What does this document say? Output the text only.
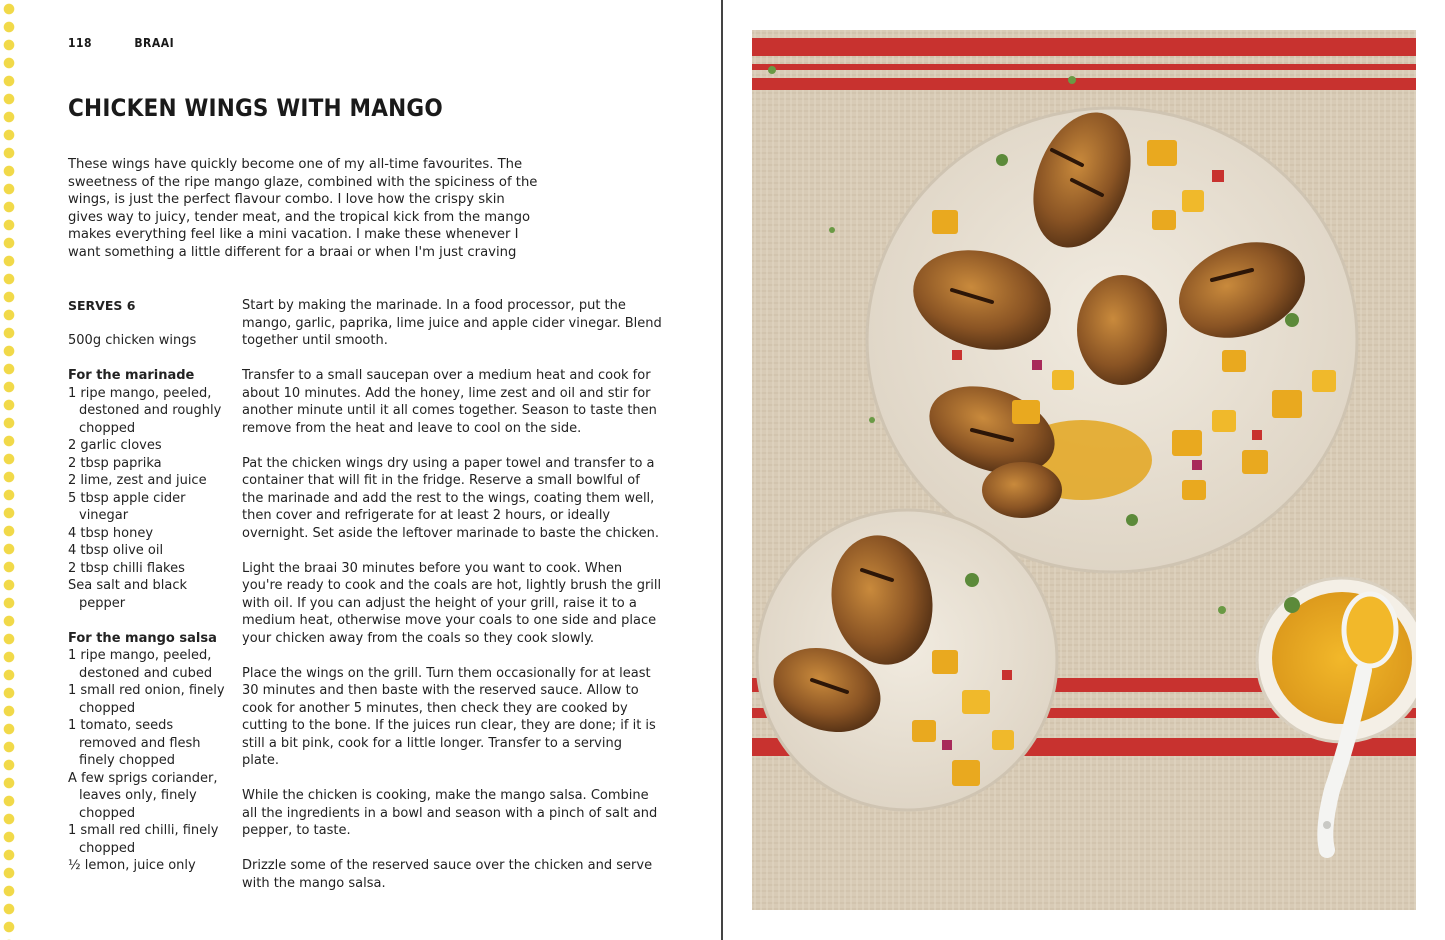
118	BRAAI
CHICKEN WINGS WITH MANGO

These wings have quickly become one of my all-time favourites. The sweetness of the ripe mango glaze, combined with the spiciness of the wings, is just the perfect flavour combo. I love how the crispy skin gives way to juicy, tender meat, and the tropical kick from the mango makes everything feel like a mini vacation. I make these whenever I want something a little different for a braai or when I'm just craving

SERVES 6
500g chicken wings
For the marinade
1 ripe mango, peeled, destoned and roughly chopped
2 garlic cloves
2 tbsp paprika
2 lime, zest and juice
5 tbsp apple cider vinegar
4 tbsp honey
4 tbsp olive oil
2 tbsp chilli flakes
Sea salt and black pepper
For the mango salsa
1 ripe mango, peeled, destoned and cubed
1 small red onion, finely chopped
1 tomato, seeds removed and flesh finely chopped
A few sprigs coriander, leaves only, finely chopped
1 small red chilli, finely chopped
½ lemon, juice only

Start by making the marinade. In a food processor, put the mango, garlic, paprika, lime juice and apple cider vinegar. Blend together until smooth.

Transfer to a small saucepan over a medium heat and cook for about 10 minutes. Add the honey, lime zest and oil and stir for another minute until it all comes together. Season to taste then remove from the heat and leave to cool on the side.

Pat the chicken wings dry using a paper towel and transfer to a container that will fit in the fridge. Reserve a small bowlful of the marinade and add the rest to the wings, coating them well, then cover and refrigerate for at least 2 hours, or ideally overnight. Set aside the leftover marinade to baste the chicken.

Light the braai 30 minutes before you want to cook. When you're ready to cook and the coals are hot, lightly brush the grill with oil. If you can adjust the height of your grill, raise it to a medium heat, otherwise move your coals to one side and place your chicken away from the coals so they cook slowly.

Place the wings on the grill. Turn them occasionally for at least 30 minutes and then baste with the reserved sauce. Allow to cook for another 5 minutes, then check they are cooked by cutting to the bone. If the juices run clear, they are done; if it is still a bit pink, cook for a little longer. Transfer to a serving plate.

While the chicken is cooking, make the mango salsa. Combine all the ingredients in a bowl and season with a pinch of salt and pepper, to taste.

Drizzle some of the reserved sauce over the chicken and serve with the mango salsa.
